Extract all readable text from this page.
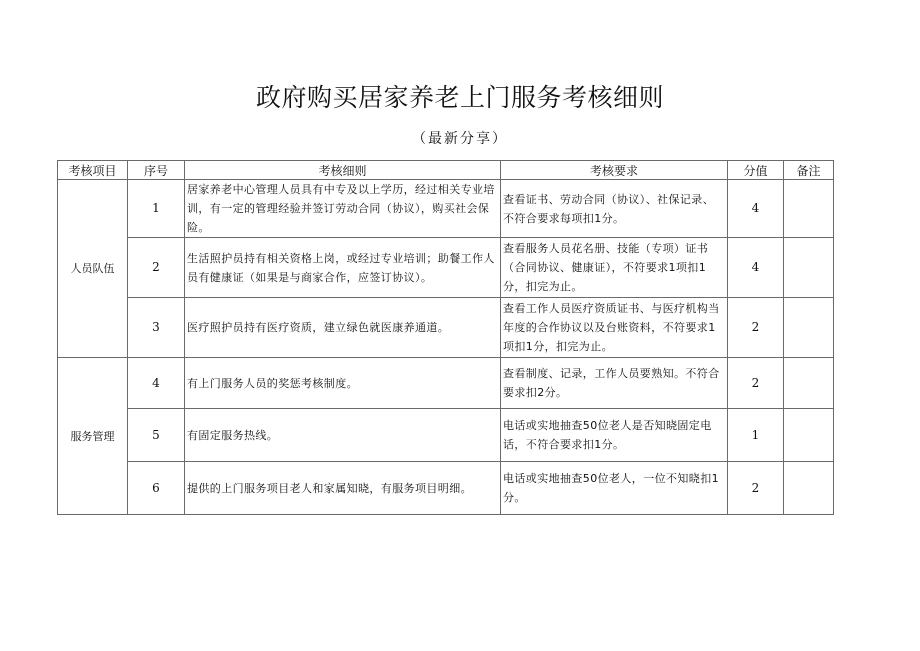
政府购买居家养老上门服务考核细则
（最新分享）
考核项目	序号	考核细则	考核要求	分值	备注
人员队伍	1	居家养老中心管理人员具有中专及以上学历，经过相关专业培训，有一定的管理经验并签订劳动合同（协议），购买社会保险。	查看证书、劳动合同（协议）、社保记录、不符合要求每项扣1分。	4	
	2	生活照护员持有相关资格上岗，或经过专业培训；助餐工作人员有健康证（如果是与商家合作，应签订协议）。	查看服务人员花名册、技能（专项）证书（合同协议、健康证），不符要求1项扣1分，扣完为止。	4	
	3	医疗照护员持有医疗资质，建立绿色就医康养通道。	查看工作人员医疗资质证书、与医疗机构当年度的合作协议以及台账资料，不符要求1项扣1分，扣完为止。	2	
服务管理	4	有上门服务人员的奖惩考核制度。	查看制度、记录，工作人员要熟知。不符合要求扣2分。	2	
	5	有固定服务热线。	电话或实地抽查50位老人是否知晓固定电话，不符合要求扣1分。	1	
	6	提供的上门服务项目老人和家属知晓，有服务项目明细。	电话或实地抽查50位老人，一位不知晓扣1分。	2	
